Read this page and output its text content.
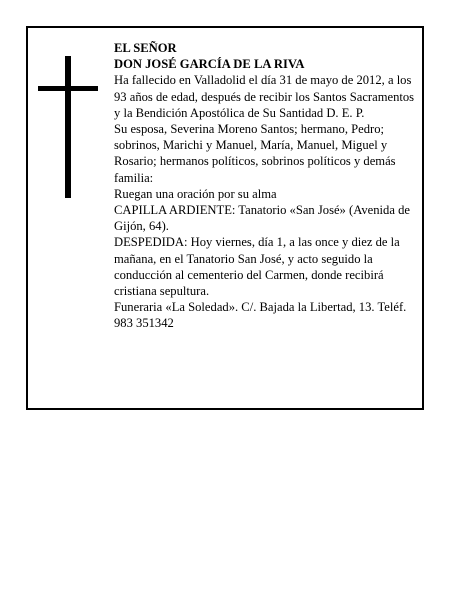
EL SEÑOR

DON JOSÉ GARCÍA DE LA RIVA

Ha fallecido en Valladolid el día 31 de mayo de 2012, a los 93 años de edad, después de recibir los Santos Sacramentos y la Bendición Apostólica de Su Santidad D. E. P.

Su esposa, Severina Moreno Santos; hermano, Pedro; sobrinos, Marichi y Manuel, María, Manuel, Miguel y Rosario; hermanos políticos, sobrinos políticos y demás familia:

Ruegan una oración por su alma

CAPILLA ARDIENTE: Tanatorio «San José» (Avenida de Gijón, 64).

DESPEDIDA: Hoy viernes, día 1, a las once y diez de la mañana, en el Tanatorio San José, y acto seguido la conducción al cementerio del Carmen, donde recibirá cristiana sepultura.

Funeraria «La Soledad». C/. Bajada la Libertad, 13. Teléf. 983 351342
